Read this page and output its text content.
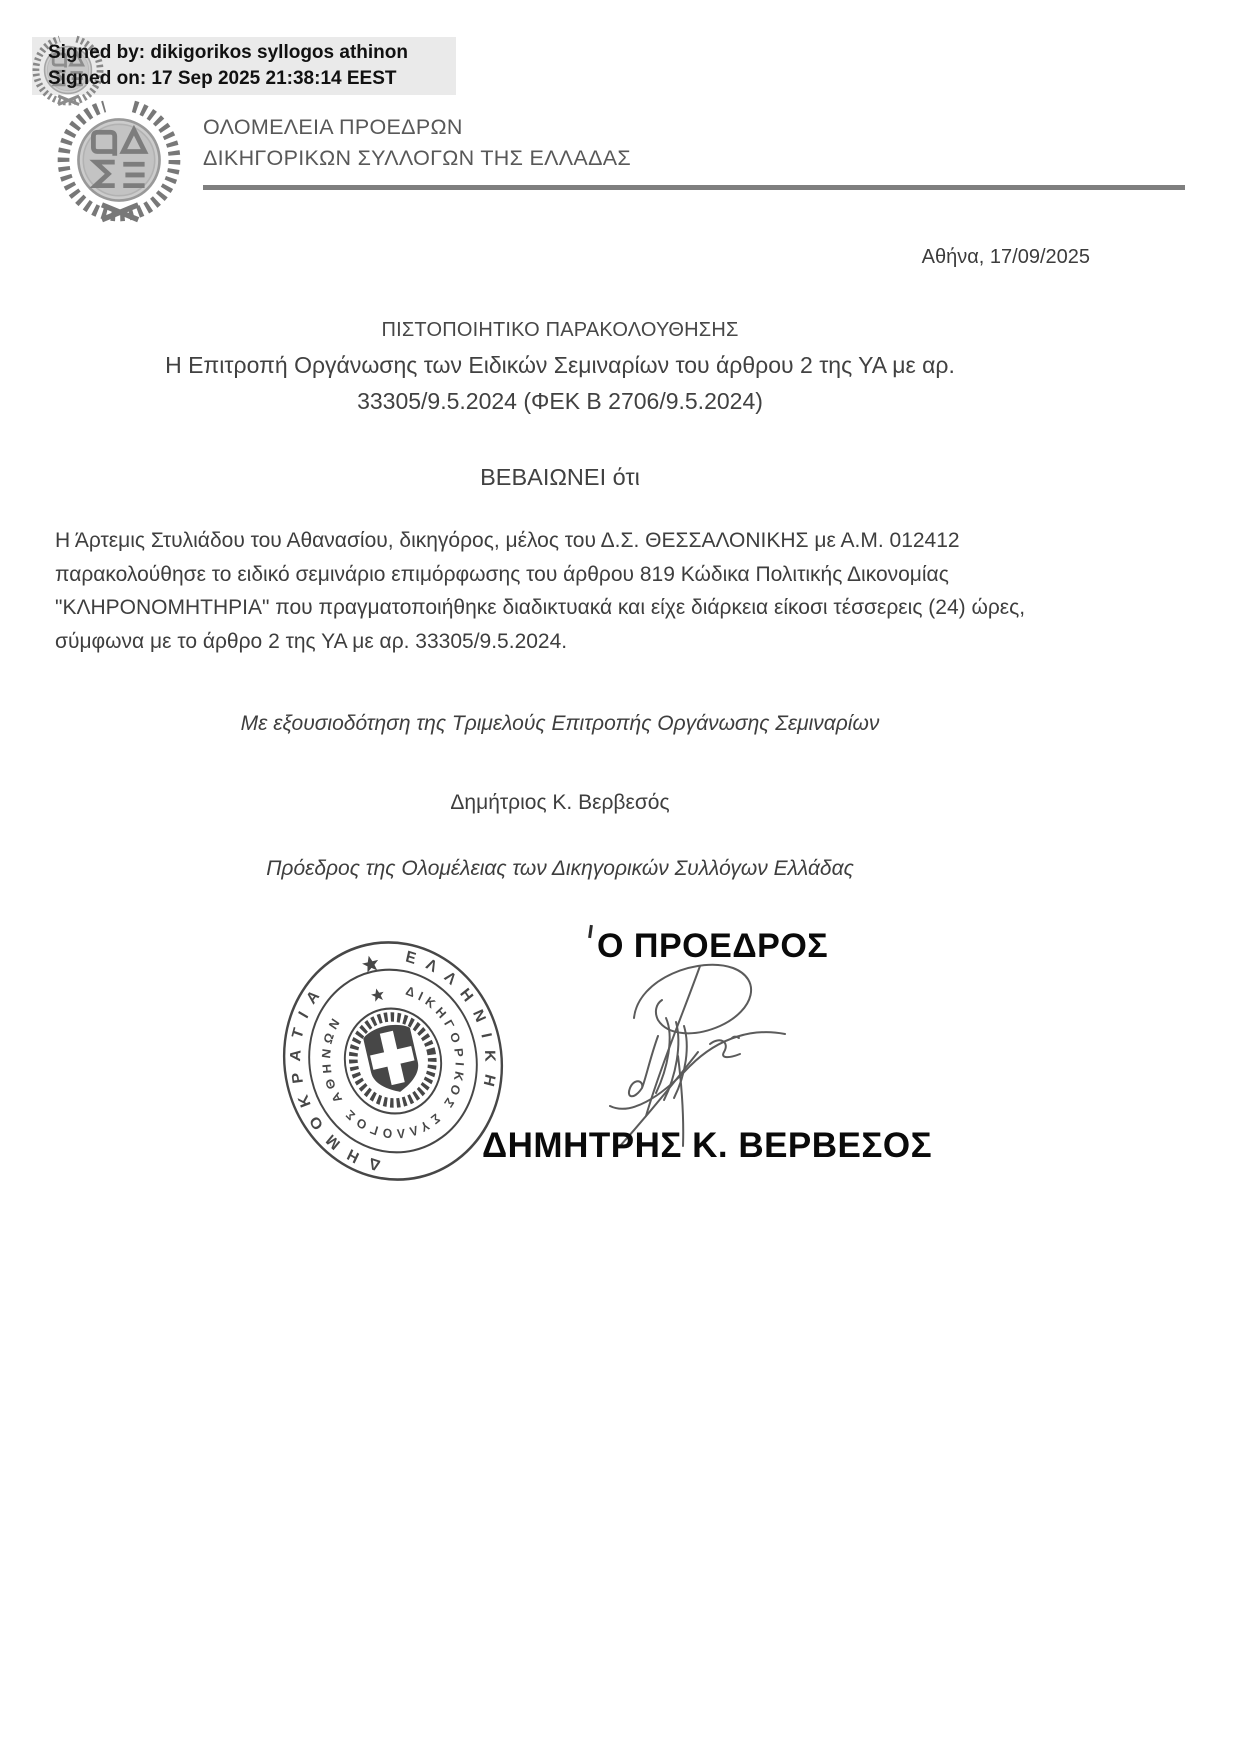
Signed by: dikigorikos syllogos athinon
Signed on: 17 Sep 2025 21:38:14 EEST
ΟΛΟΜΕΛΕΙΑ ΠΡΟΕΔΡΩΝ
ΔΙΚΗΓΟΡΙΚΩΝ ΣΥΛΛΟΓΩΝ ΤΗΣ ΕΛΛΑΔΑΣ
Αθήνα, 17/09/2025
ΠΙΣΤΟΠΟΙΗΤΙΚΟ ΠΑΡΑΚΟΛΟΥΘΗΣΗΣ
Η Επιτροπή Οργάνωσης των Ειδικών Σεμιναρίων του άρθρου 2 της ΥΑ με αρ.
33305/9.5.2024 (ΦΕΚ Β 2706/9.5.2024)
ΒΕΒΑΙΩΝΕΙ ότι
Η Άρτεμις Στυλιάδου του Αθανασίου, δικηγόρος, μέλος του Δ.Σ. ΘΕΣΣΑΛΟΝΙΚΗΣ με Α.Μ. 012412
παρακολούθησε το ειδικό σεμινάριο επιμόρφωσης του άρθρου 819 Κώδικα Πολιτικής Δικονομίας
"ΚΛΗΡΟΝΟΜΗΤΗΡΙΑ" που πραγματοποιήθηκε διαδικτυακά και είχε διάρκεια είκοσι τέσσερεις (24) ώρες,
σύμφωνα με το άρθρο 2 της ΥΑ με αρ. 33305/9.5.2024.
Με εξουσιοδότηση της Τριμελούς Επιτροπής Οργάνωσης Σεμιναρίων
Δημήτριος Κ. Βερβεσός
Πρόεδρος της Ολομέλειας των Δικηγορικών Συλλόγων Ελλάδας
ΕΛΛΗΝΙΚΗ
ΔΗΜΟΚΡΑΤΙΑ	ΔΙΚΗΓΟΡΙΚΟΣ ΣΥΛΛΟΓΟΣ ΑΘΗΝΩΝ
Ο ΠΡΟΕΔΡΟΣ
ΔΗΜΗΤΡΗΣ Κ. ΒΕΡΒΕΣΟΣ
